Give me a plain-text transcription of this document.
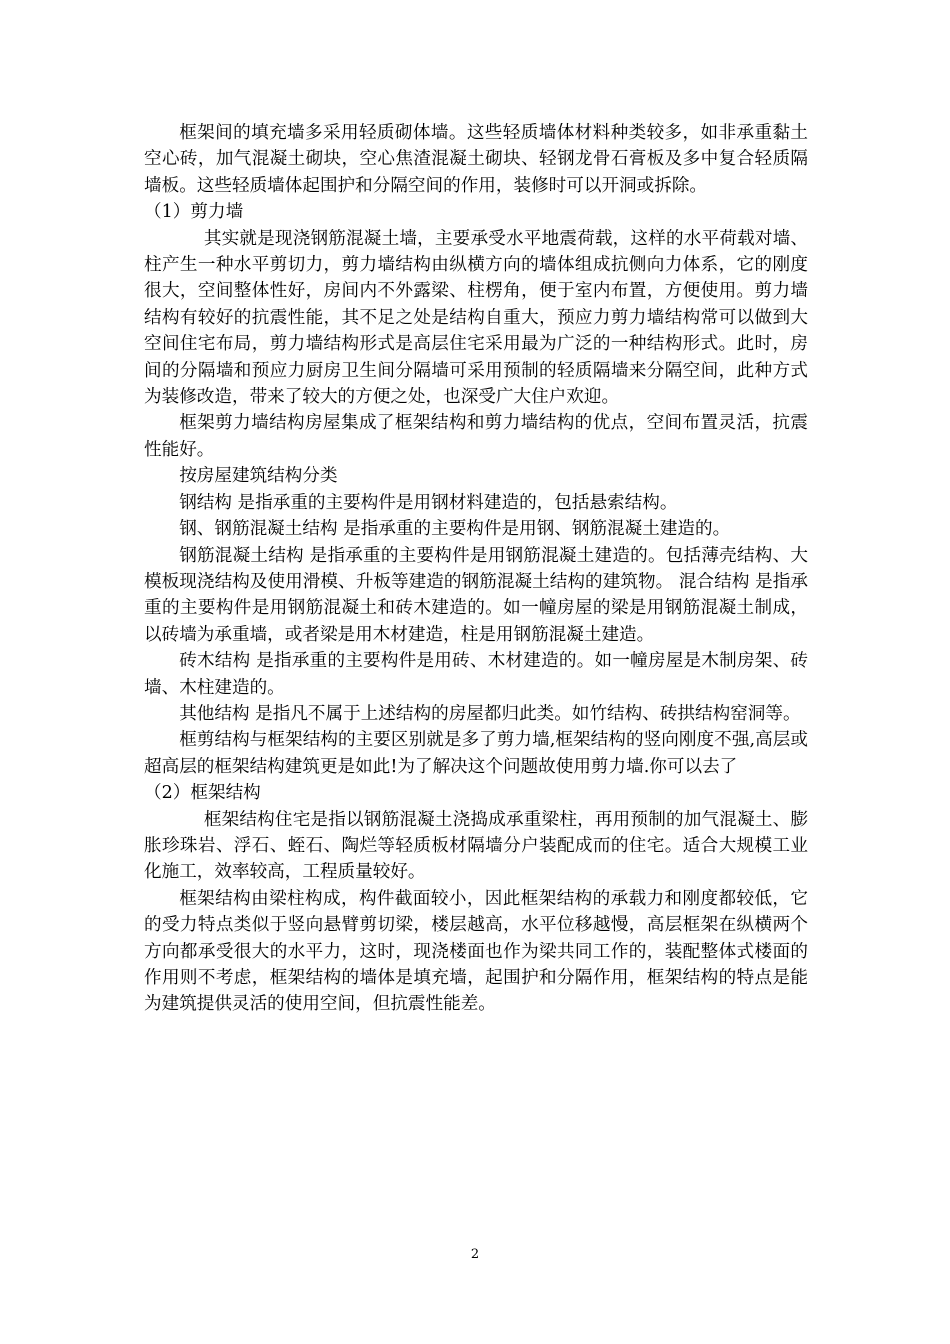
框架间的填充墙多采用轻质砌体墙。这些轻质墙体材料种类较多，如非承重黏土空心砖，加气混凝土砌块，空心焦渣混凝土砌块、轻钢龙骨石膏板及多中复合轻质隔墙板。这些轻质墙体起围护和分隔空间的作用，装修时可以开洞或拆除。

（1）剪力墙

其实就是现浇钢筋混凝土墙，主要承受水平地震荷载，这样的水平荷载对墙、柱产生一种水平剪切力，剪力墙结构由纵横方向的墙体组成抗侧向力体系，它的刚度很大，空间整体性好，房间内不外露梁、柱楞角，便于室内布置，方便使用。剪力墙结构有较好的抗震性能，其不足之处是结构自重大，预应力剪力墙结构常可以做到大空间住宅布局，剪力墙结构形式是高层住宅采用最为广泛的一种结构形式。此时，房间的分隔墙和预应力厨房卫生间分隔墙可采用预制的轻质隔墙来分隔空间，此种方式为装修改造，带来了较大的方便之处，也深受广大住户欢迎。

框架剪力墙结构房屋集成了框架结构和剪力墙结构的优点，空间布置灵活，抗震性能好。

按房屋建筑结构分类

钢结构 是指承重的主要构件是用钢材料建造的，包括悬索结构。

钢、钢筋混凝土结构 是指承重的主要构件是用钢、钢筋混凝土建造的。

钢筋混凝土结构 是指承重的主要构件是用钢筋混凝土建造的。包括薄壳结构、大模板现浇结构及使用滑模、升板等建造的钢筋混凝土结构的建筑物。 混合结构 是指承重的主要构件是用钢筋混凝土和砖木建造的。如一幢房屋的梁是用钢筋混凝土制成，以砖墙为承重墙，或者梁是用木材建造，柱是用钢筋混凝土建造。

砖木结构 是指承重的主要构件是用砖、木材建造的。如一幢房屋是木制房架、砖墙、木柱建造的。

其他结构 是指凡不属于上述结构的房屋都归此类。如竹结构、砖拱结构窑洞等。

框剪结构与框架结构的主要区别就是多了剪力墙,框架结构的竖向刚度不强,高层或超高层的框架结构建筑更是如此!为了解决这个问题故使用剪力墙.你可以去了

（2）框架结构

框架结构住宅是指以钢筋混凝土浇捣成承重梁柱，再用预制的加气混凝土、膨胀珍珠岩、浮石、蛭石、陶烂等轻质板材隔墙分户装配成而的住宅。适合大规模工业化施工，效率较高，工程质量较好。

框架结构由梁柱构成，构件截面较小，因此框架结构的承载力和刚度都较低，它的受力特点类似于竖向悬臂剪切梁，楼层越高，水平位移越慢，高层框架在纵横两个方向都承受很大的水平力，这时，现浇楼面也作为梁共同工作的，装配整体式楼面的作用则不考虑，框架结构的墙体是填充墙，起围护和分隔作用，框架结构的特点是能为建筑提供灵活的使用空间，但抗震性能差。

2
